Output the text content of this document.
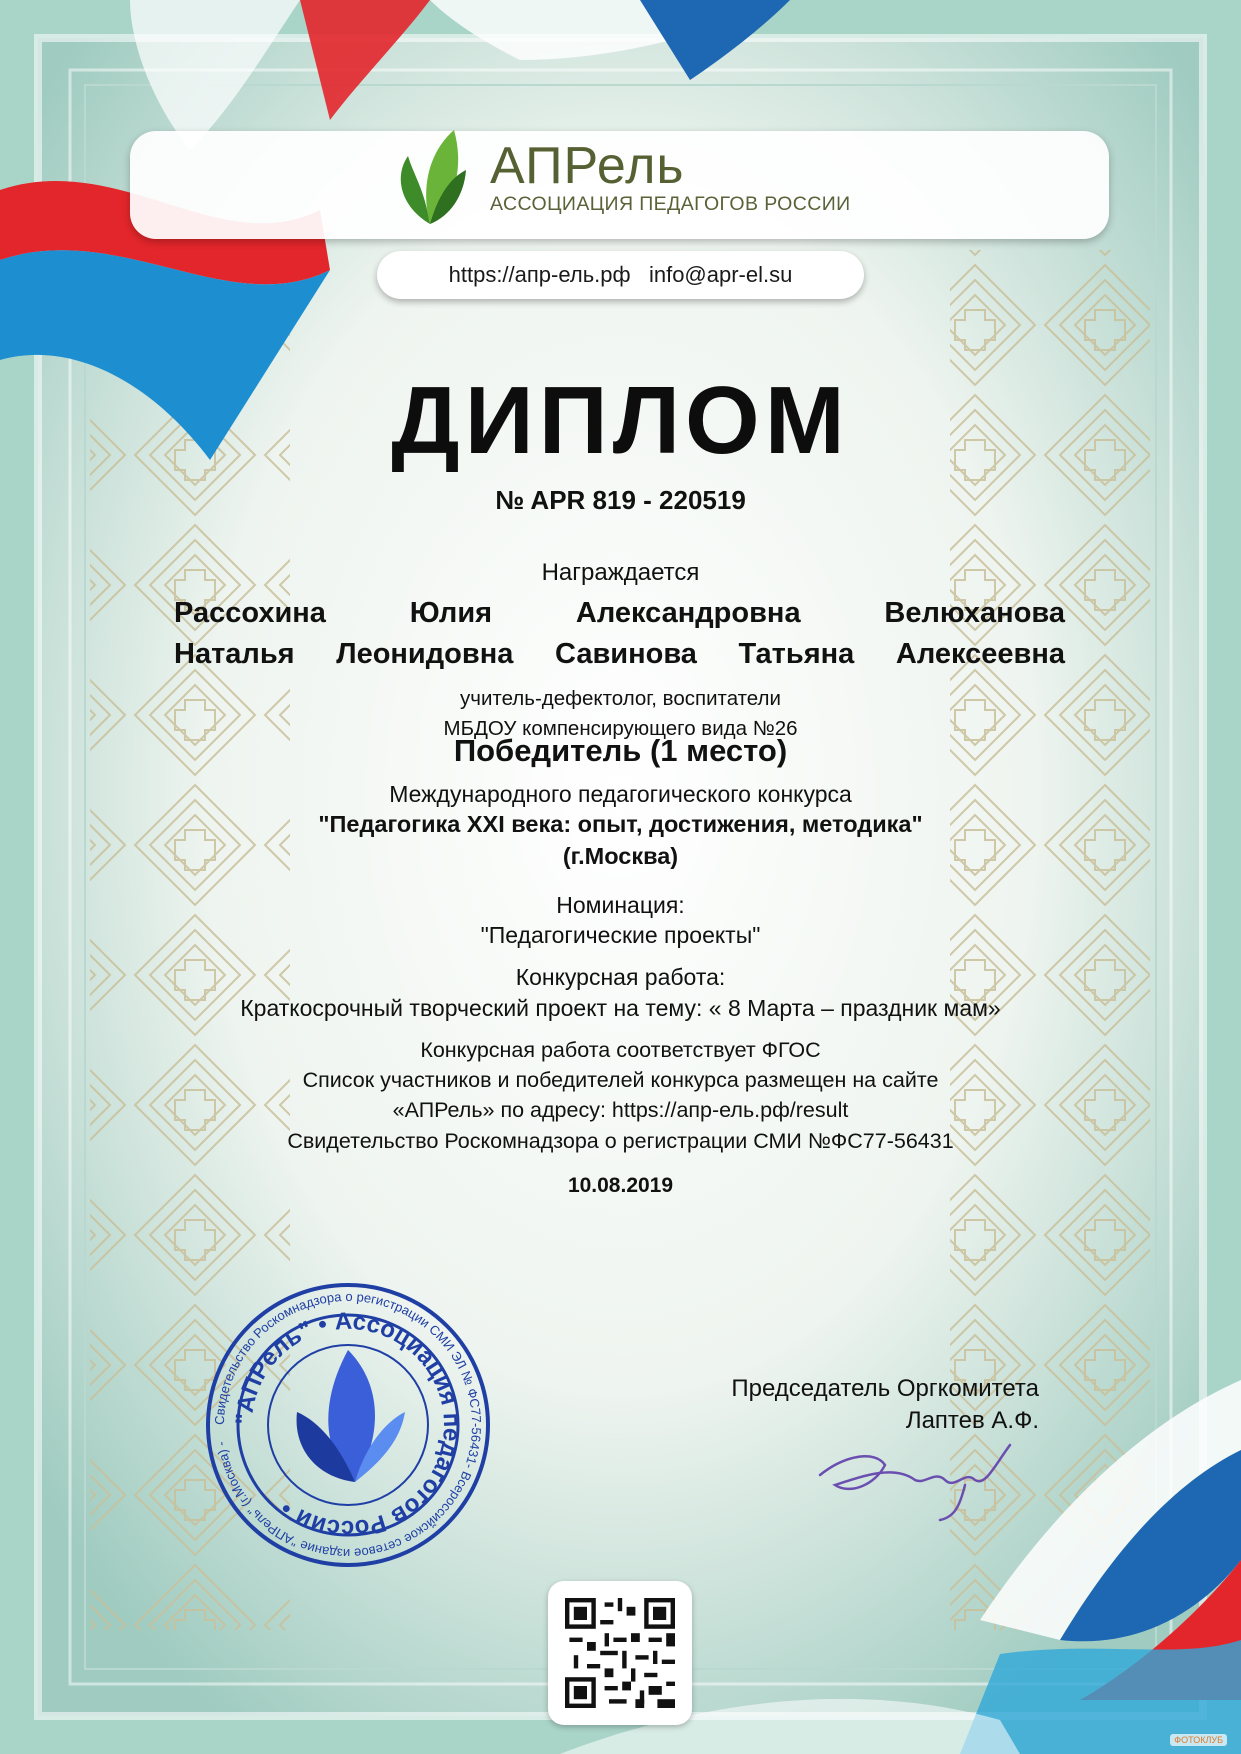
АПРель
АССОЦИАЦИЯ ПЕДАГОГОВ РОССИИ
https://апр-ель.рф   info@apr-el.su
ДИПЛОМ

№ APR 819 - 220519

Награждается

Рассохина Юлия Александровна	Велюханова

Наталья Леонидовна Савинова Татьяна Алексеевна

учитель-дефектолог, воспитатели
МБДОУ компенсирующего вида №26

Победитель (1 место)

Международного педагогического конкурса

"Педагогика XXI века: опыт, достижения, методика"

(г.Москва)

Номинация:

"Педагогические проекты"

Конкурсная работа:

Краткосрочный творческий проект на тему: « 8 Марта – праздник мам»

Конкурсная работа соответствует ФГОС
Список участников и победителей конкурса размещен на сайте
«АПРель» по адресу: https://апр-ель.рф/result

Свидетельство Роскомнадзора о регистрации СМИ №ФС77-56431

10.08.2019

Свидетельство Роскомнадзора о регистрации СМИ ЭЛ № ФС77-56431- Всероссийское сетевое издание "АПРель" (г.Москва) -
"АПРель" • Ассоциация педагогов России •
Председатель Оргкомитета
Лаптев А.Ф.
ФОТОКЛУБ
